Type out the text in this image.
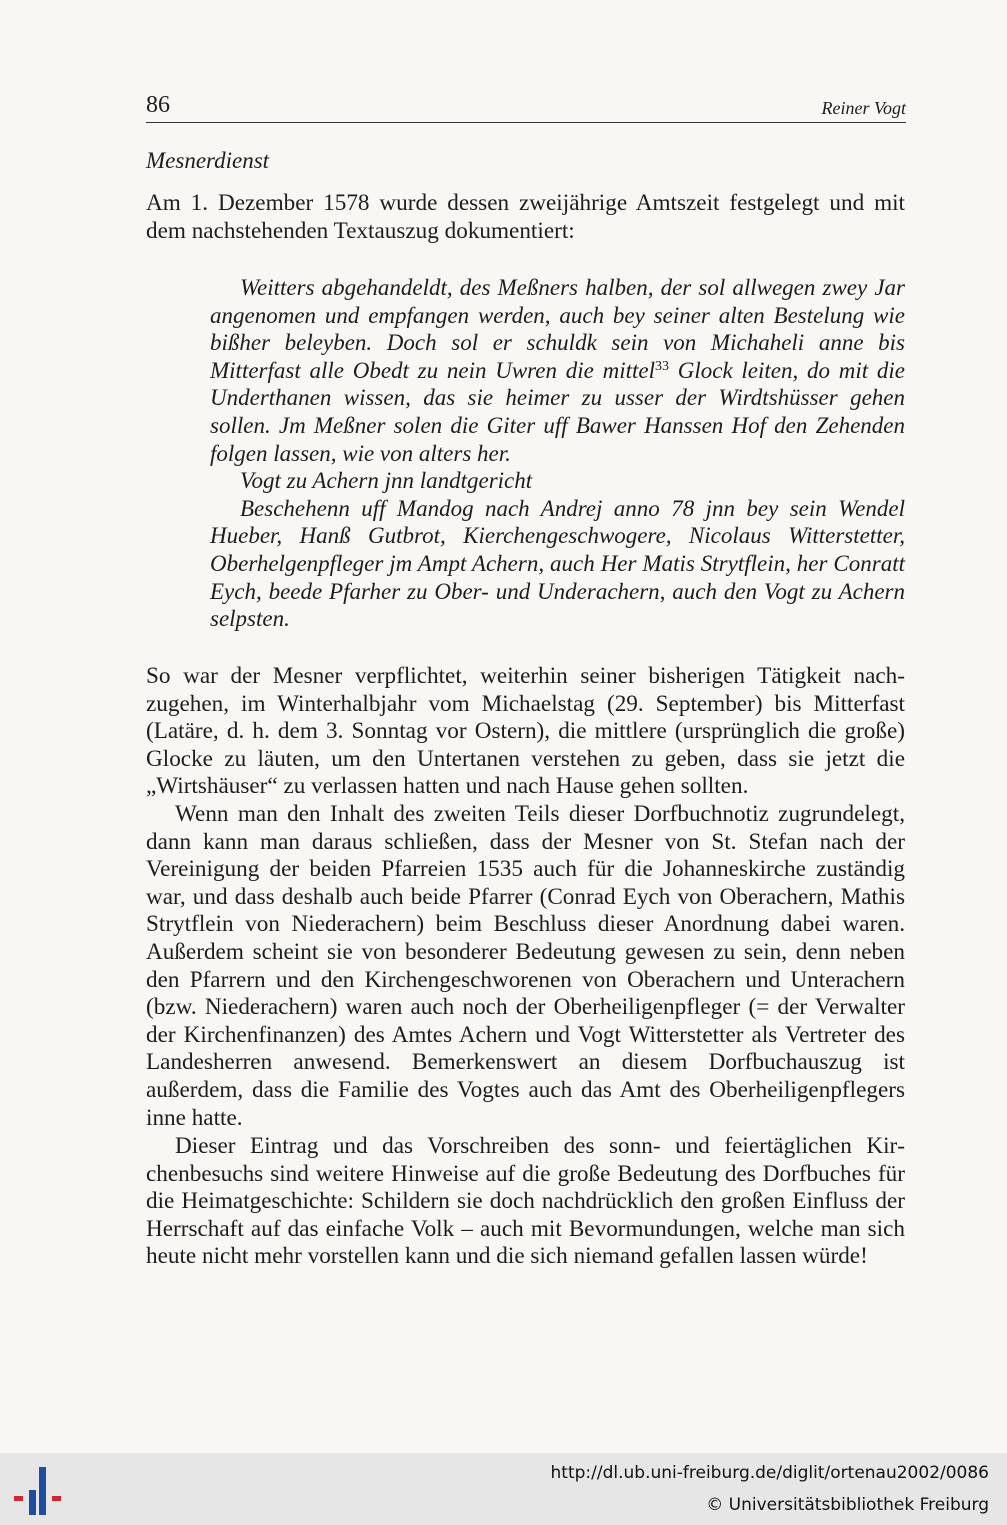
86	Reiner Vogt
Mesnerdienst

Am 1. Dezember 1578 wurde dessen zweijährige Amtszeit festgelegt und mit dem nachstehenden Textauszug dokumentiert:

Weitters abgehandeldt, des Meßners halben, der sol allwegen zwey Jar angenomen und empfangen werden, auch bey seiner alten Bestelung wie bißher beleyben. Doch sol er schuldk sein von Michaheli anne bis Mitterfast alle Obedt zu nein Uwren die mittel$^{33}$ Glock leiten, do mit die Underthanen wissen, das sie heimer zu usser der Wirdtshüsser gehen sollen. Jm Meßner solen die Giter uff Bawer Hanssen Hof den Zehenden folgen lassen, wie von alters her.

Vogt zu Achern jnn landtgericht

Beschehenn uff Mandog nach Andrej anno 78 jnn bey sein Wendel Hueber, Hanß Gutbrot, Kierchengeschwogere, Nicolaus Witterstetter, Oberhelgenpfleger jm Ampt Achern, auch Her Matis Strytflein, her Conratt Eych, beede Pfarher zu Ober- und Underachern, auch den Vogt zu Achern selpsten.

So war der Mesner verpflichtet, weiterhin seiner bisherigen Tätigkeit nachzugehen, im Winterhalbjahr vom Michaelstag (29. September) bis Mitterfast (Latäre, d. h. dem 3. Sonntag vor Ostern), die mittlere (ursprünglich die große) Glocke zu läuten, um den Untertanen verstehen zu geben, dass sie jetzt die „Wirtshäuser“ zu verlassen hatten und nach Hause gehen sollten.

Wenn man den Inhalt des zweiten Teils dieser Dorfbuchnotiz zugrundelegt, dann kann man daraus schließen, dass der Mesner von St. Stefan nach der Vereinigung der beiden Pfarreien 1535 auch für die Johanneskirche zuständig war, und dass deshalb auch beide Pfarrer (Conrad Eych von Oberachern, Mathis Strytflein von Niederachern) beim Beschluss dieser Anordnung dabei waren. Außerdem scheint sie von besonderer Bedeutung gewesen zu sein, denn neben den Pfarrern und den Kirchengeschworenen von Oberachern und Unterachern (bzw. Niederachern) waren auch noch der Oberheiligenpfleger (= der Verwalter der Kirchenfinanzen) des Amtes Achern und Vogt Witterstetter als Vertreter des Landesherren anwesend. Bemerkenswert an diesem Dorfbuchauszug ist außerdem, dass die Familie des Vogtes auch das Amt des Oberheiligenpflegers inne hatte.

Dieser Eintrag und das Vorschreiben des sonn- und feiertäglichen Kirchenbesuchs sind weitere Hinweise auf die große Bedeutung des Dorfbuches für die Heimatgeschichte: Schildern sie doch nachdrücklich den großen Einfluss der Herrschaft auf das einfache Volk – auch mit Bevormundungen, welche man sich heute nicht mehr vorstellen kann und die sich niemand gefallen lassen würde!

http://dl.ub.uni-freiburg.de/diglit/ortenau2002/0086
© Universitätsbibliothek Freiburg
